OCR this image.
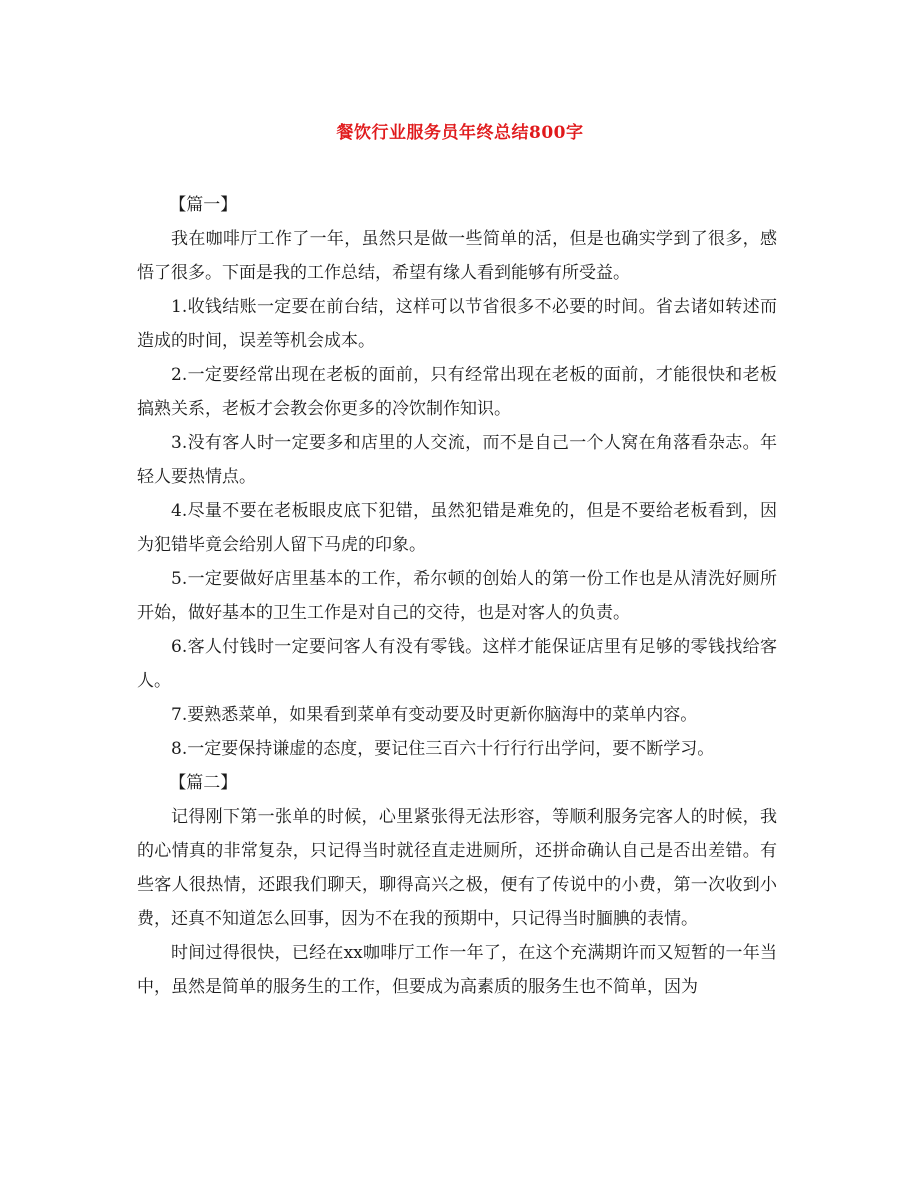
餐饮行业服务员年终总结800字

【篇一】

我在咖啡厅工作了一年，虽然只是做一些简单的活，但是也确实学到了很多，感悟了很多。下面是我的工作总结，希望有缘人看到能够有所受益。

1.收钱结账一定要在前台结，这样可以节省很多不必要的时间。省去诸如转述而造成的时间，误差等机会成本。

2.一定要经常出现在老板的面前，只有经常出现在老板的面前，才能很快和老板搞熟关系，老板才会教会你更多的冷饮制作知识。

3.没有客人时一定要多和店里的人交流，而不是自己一个人窝在角落看杂志。年轻人要热情点。

4.尽量不要在老板眼皮底下犯错，虽然犯错是难免的，但是不要给老板看到，因为犯错毕竟会给别人留下马虎的印象。

5.一定要做好店里基本的工作，希尔顿的创始人的第一份工作也是从清洗好厕所开始，做好基本的卫生工作是对自己的交待，也是对客人的负责。

6.客人付钱时一定要问客人有没有零钱。这样才能保证店里有足够的零钱找给客人。

7.要熟悉菜单，如果看到菜单有变动要及时更新你脑海中的菜单内容。

8.一定要保持谦虚的态度，要记住三百六十行行行出学问，要不断学习。

【篇二】

记得刚下第一张单的时候，心里紧张得无法形容，等顺利服务完客人的时候，我的心情真的非常复杂，只记得当时就径直走进厕所，还拼命确认自己是否出差错。有些客人很热情，还跟我们聊天，聊得高兴之极，便有了传说中的小费，第一次收到小费，还真不知道怎么回事，因为不在我的预期中，只记得当时腼腆的表情。

时间过得很快，已经在xx咖啡厅工作一年了，在这个充满期许而又短暂的一年当中，虽然是简单的服务生的工作，但要成为高素质的服务生也不简单，因为
